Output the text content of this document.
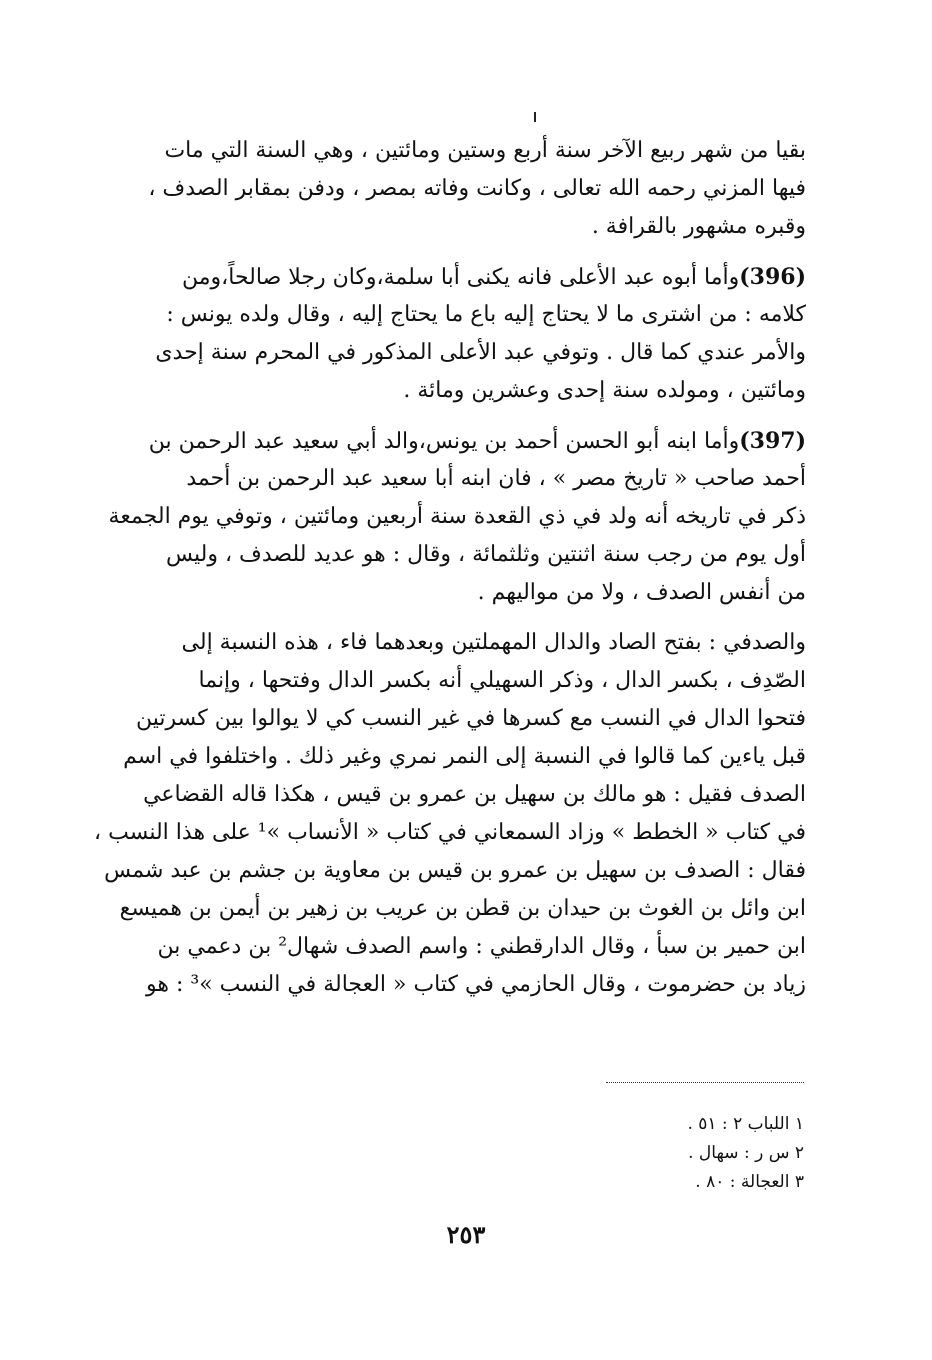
بقيا من شهر ربيع الآخر سنة أربع وستين ومائتين ، وهي السنة التي مات
فيها المزني رحمه الله تعالى ، وكانت وفاته بمصر ، ودفن بمقابر الصدف ،
وقبره مشهور بالقرافة .
(396)وأما أبوه عبد الأعلى فانه يكنى أبا سلمة،وكان رجلا صالحاً،ومن
كلامه : من اشترى ما لا يحتاج إليه باع ما يحتاج إليه ، وقال ولده يونس :
والأمر عندي كما قال . وتوفي عبد الأعلى المذكور في المحرم سنة إحدى
ومائتين ، ومولده سنة إحدى وعشرين ومائة .
(397)وأما ابنه أبو الحسن أحمد بن يونس،والد أبي سعيد عبد الرحمن بن
أحمد صاحب « تاريخ مصر » ، فان ابنه أبا سعيد عبد الرحمن بن أحمد
ذكر في تاريخه أنه ولد في ذي القعدة سنة أربعين ومائتين ، وتوفي يوم الجمعة
أول يوم من رجب سنة اثنتين وثلثمائة ، وقال : هو عديد للصدف ، وليس
من أنفس الصدف ، ولا من مواليهم .
والصدفي : بفتح الصاد والدال المهملتين وبعدهما فاء ، هذه النسبة إلى
الصّدِف ، بكسر الدال ، وذكر السهيلي أنه بكسر الدال وفتحها ، وإنما
فتحوا الدال في النسب مع كسرها في غير النسب كي لا يوالوا بين كسرتين
قبل ياءين كما قالوا في النسبة إلى النمر نمري وغير ذلك . واختلفوا في اسم
الصدف فقيل : هو مالك بن سهيل بن عمرو بن قيس ، هكذا قاله القضاعي
في كتاب « الخطط » وزاد السمعاني في كتاب « الأنساب »¹ على هذا النسب ،
فقال : الصدف بن سهيل بن عمرو بن قيس بن معاوية بن جشم بن عبد شمس
ابن وائل بن الغوث بن حيدان بن قطن بن عريب بن زهير بن أيمن بن هميسع
ابن حمير بن سبأ ، وقال الدارقطني : واسم الصدف شهال² بن دعمي بن
زياد بن حضرموت ، وقال الحازمي في كتاب « العجالة في النسب »³ : هو
١ اللباب ٢ : ٥١ .
٢ س ر : سهال .
٣ العجالة : ٨٠ .
٢٥٣
